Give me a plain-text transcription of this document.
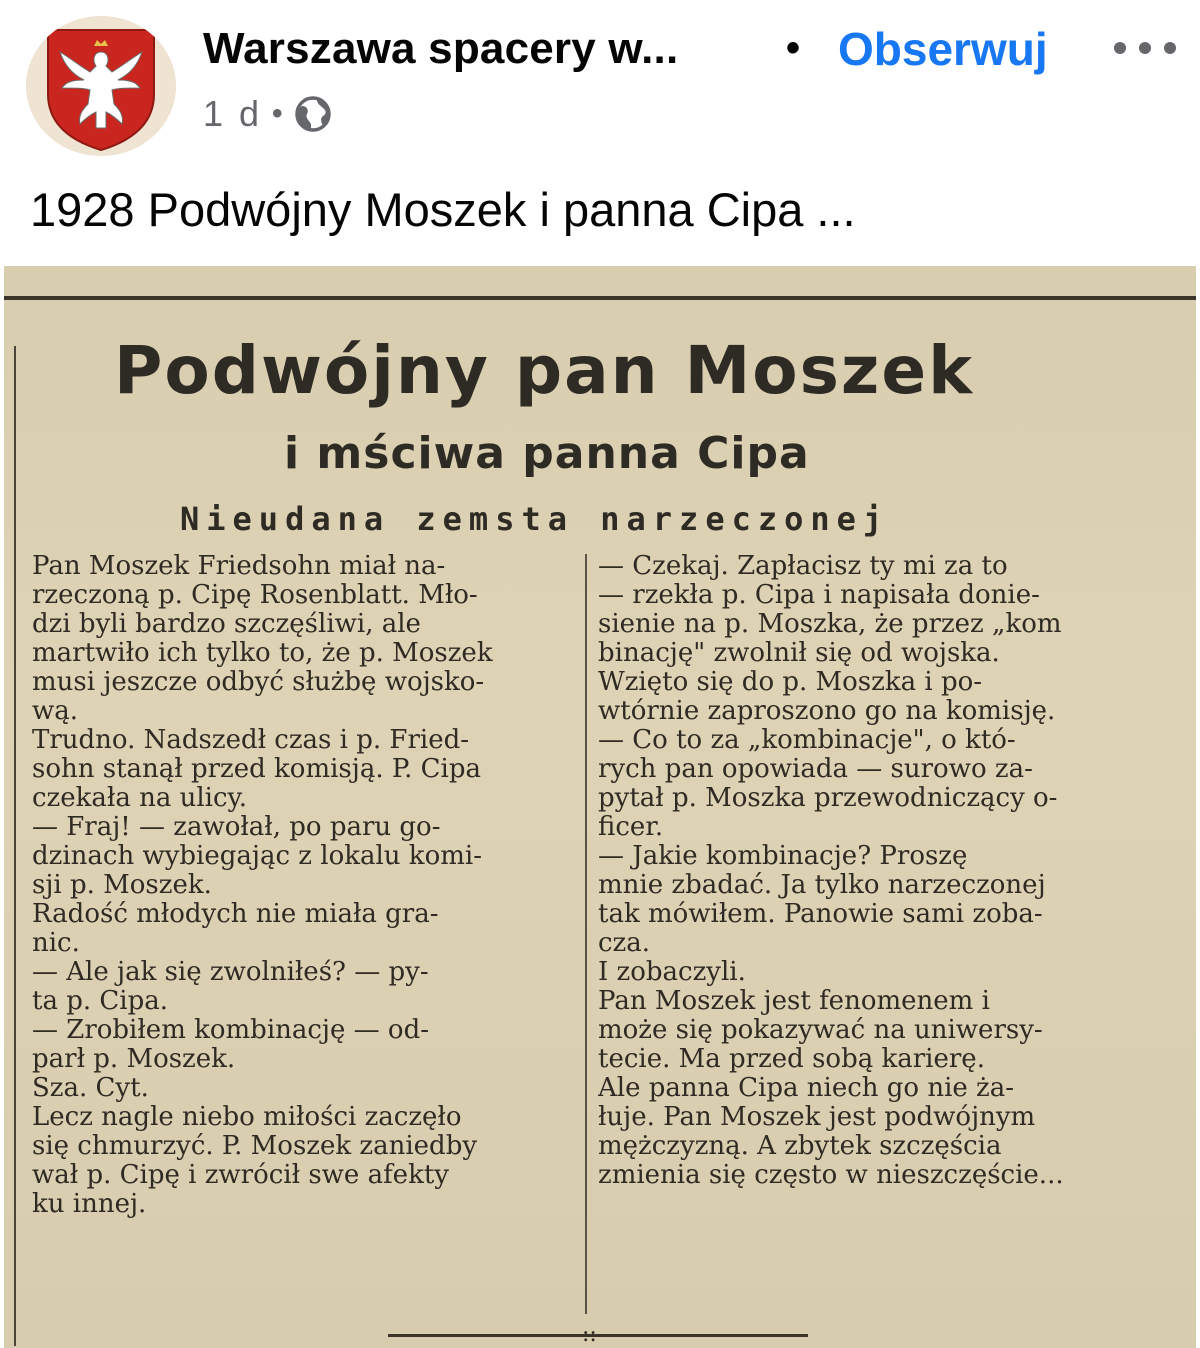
Warszawa spacery w...	• Obserwuj
1 d •
1928 Podwójny Moszek i panna Cipa ...
Podwójny pan Moszek
i mściwa panna Cipa
Nieudana zemsta narzeczonej

Pan Moszek Friedsohn miał na-

rzeczoną p. Cipę Rosenblatt. Mło-

dzi byli bardzo szczęśliwi, ale

martwiło ich tylko to, że p. Moszek

musi jeszcze odbyć służbę wojsko-

wą.

Trudno. Nadszedł czas i p. Fried-

sohn stanął przed komisją. P. Cipa

czekała na ulicy.

— Fraj! — zawołał, po paru go-

dzinach wybiegając z lokalu komi-

sji p. Moszek.

Radość młodych nie miała gra-

nic.

— Ale jak się zwolniłeś? — py-

ta p. Cipa.

— Zrobiłem kombinację — od-

parł p. Moszek.

Sza. Cyt.

Lecz nagle niebo miłości zaczęło

się chmurzyć. P. Moszek zaniedby

wał p. Cipę i zwrócił swe afekty

ku innej.

— Czekaj. Zapłacisz ty mi za to

— rzekła p. Cipa i napisała donie-

sienie na p. Moszka, że przez „kom

binację" zwolnił się od wojska.

Wzięto się do p. Moszka i po-

wtórnie zaproszono go na komisję.

— Co to za „kombinacje", o któ-

rych pan opowiada — surowo za-

pytał p. Moszka przewodniczący o-

ficer.

— Jakie kombinacje? Proszę

mnie zbadać. Ja tylko narzeczonej

tak mówiłem. Panowie sami zoba-

cza.

I zobaczyli.

Pan Moszek jest fenomenem i

może się pokazywać na uniwersy-

tecie. Ma przed sobą karierę.

Ale panna Cipa niech go nie ża-

łuje. Pan Moszek jest podwójnym

mężczyzną. A zbytek szczęścia

zmienia się często w nieszczęście...

::
